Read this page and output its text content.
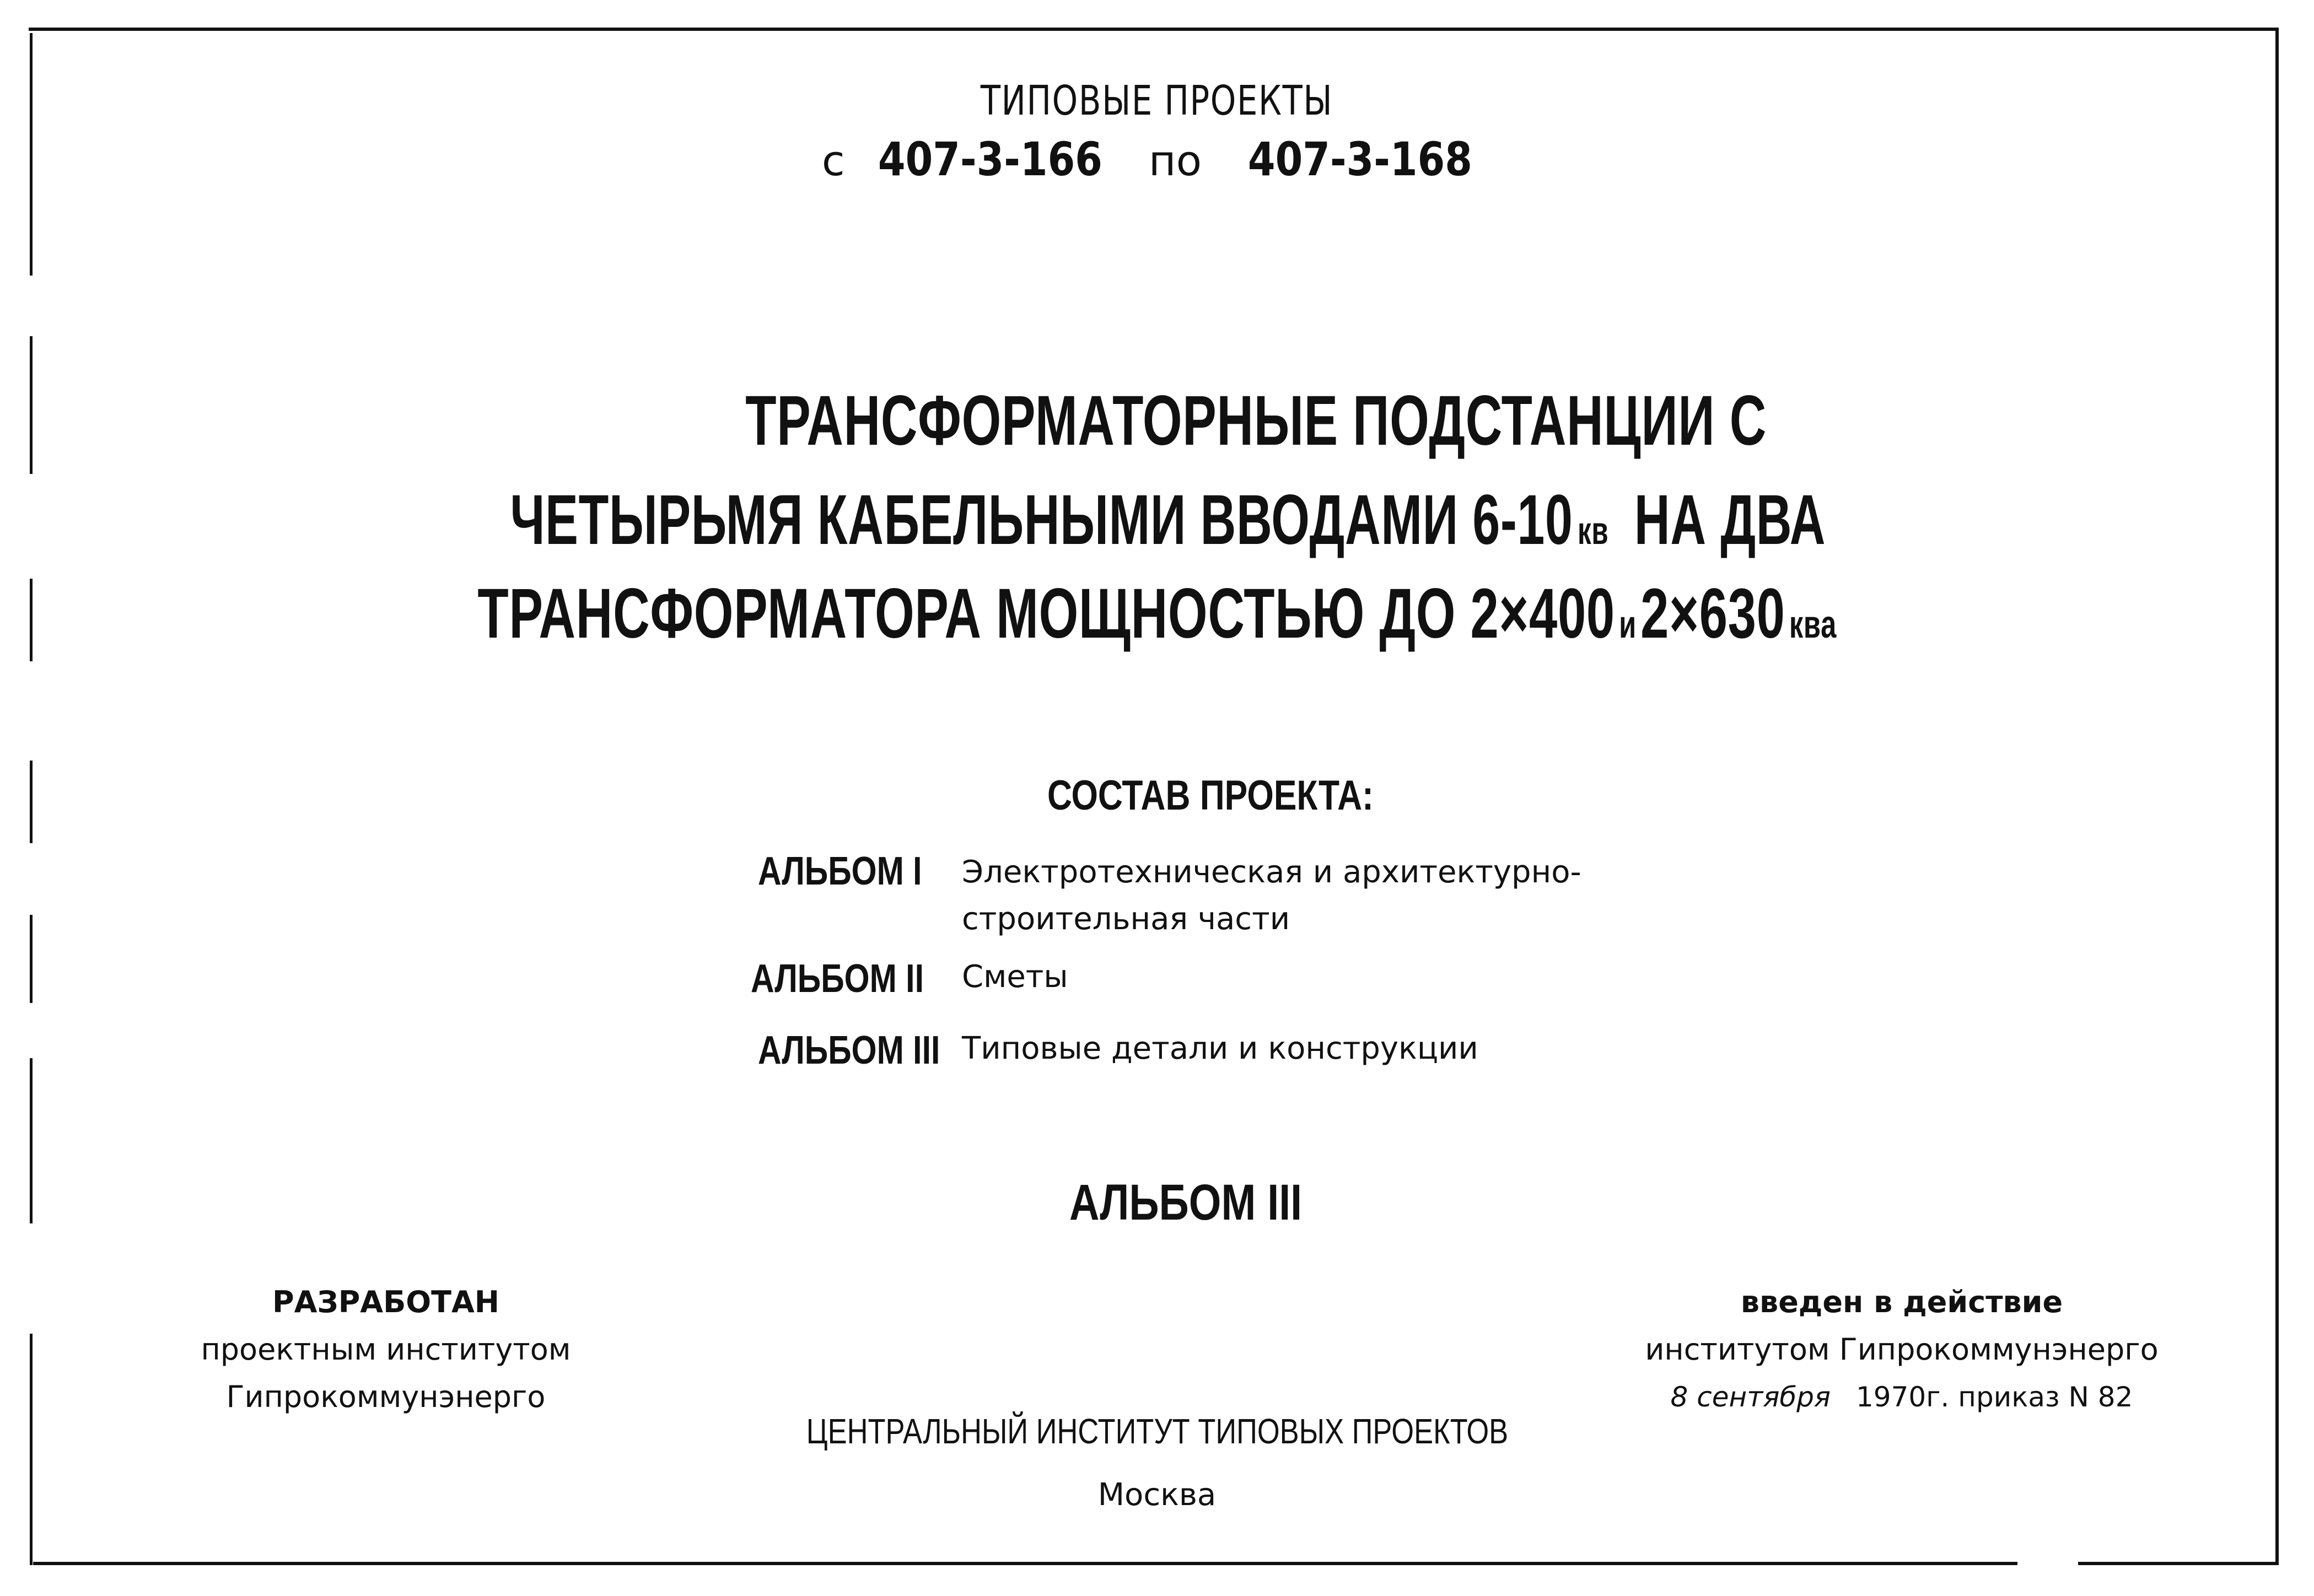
ТИПОВЫЕ ПРОЕКТЫ
с 407-3-166 по 407-3-168
ТРАНСФОРМАТОРНЫЕ ПОДСТАНЦИИ С
ЧЕТЫРЬМЯ КАБЕЛЬНЫМИ ВВОДАМИ 6-10 кв НА ДВА
ТРАНСФОРМАТОРА МОЩНОСТЬЮ ДО 2×400 и2×630 ква
СОСТАВ ПРОЕКТА:
АЛЬБОМ I	Электротехническая и архитектурно-
строительная части
АЛЬБОМ II	Сметы
АЛЬБОМ III Типовые детали и конструкции
АЛЬБОМ III
РАЗРАБОТАН
проектным институтом
Гипрокоммунэнерго
введен в действие
институтом Гипрокоммунэнерго
8 сентября 1970г. приказ N 82
ЦЕНТРАЛЬНЫЙ ИНСТИТУТ ТИПОВЫХ ПРОЕКТОВ
Москва
